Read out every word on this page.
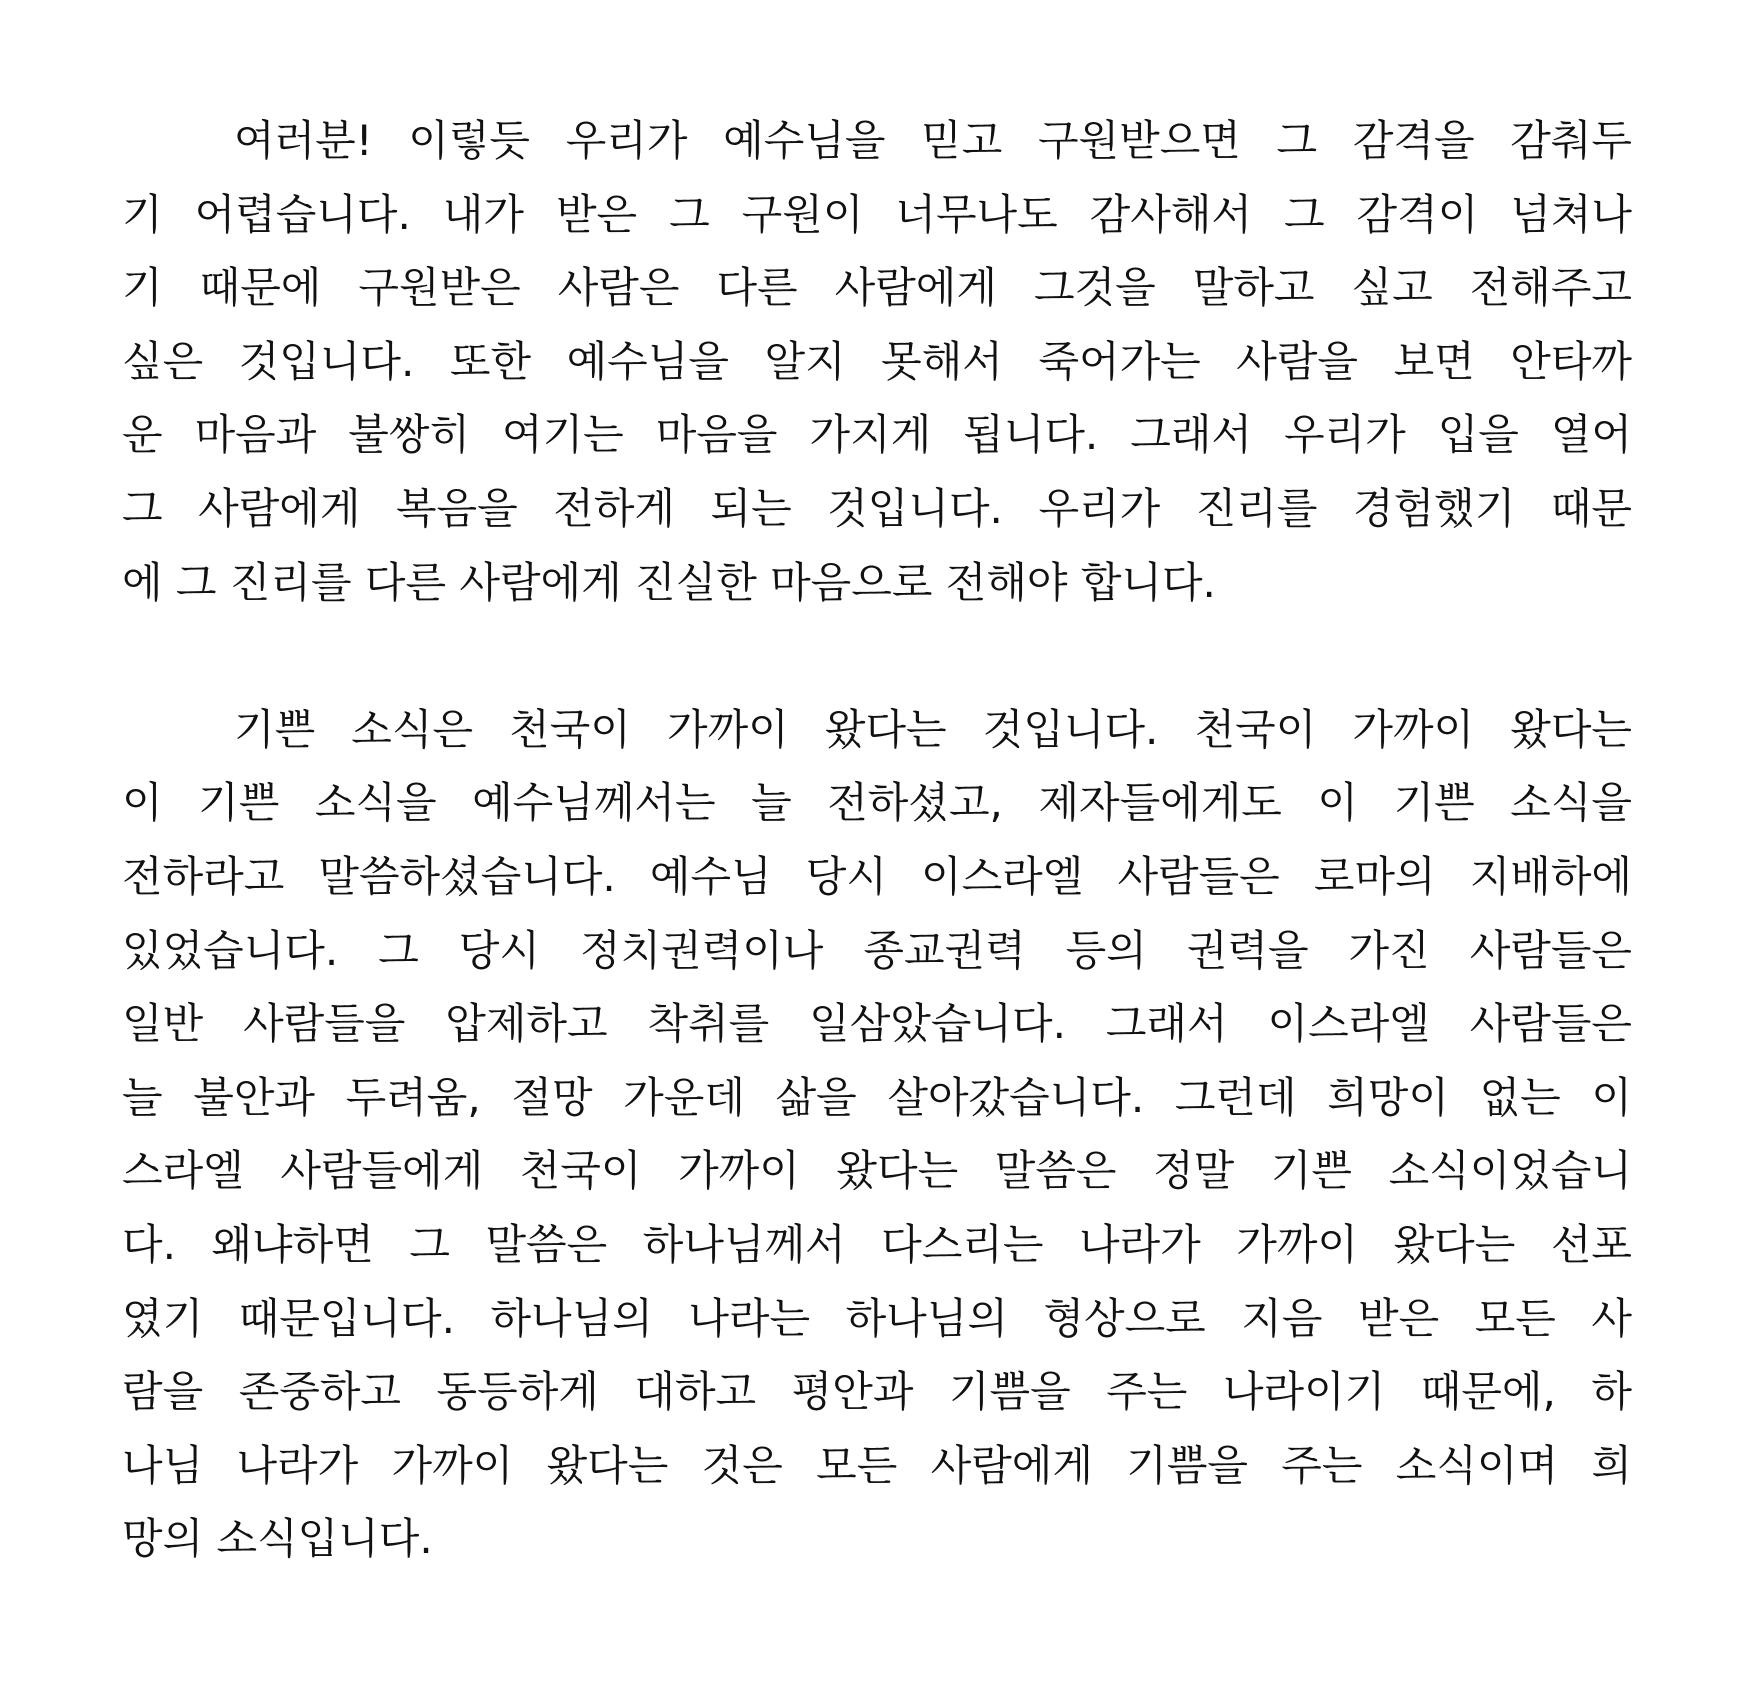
여러분! 이렇듯 우리가 예수님을 믿고 구원받으면 그 감격을 감춰두
기 어렵습니다. 내가 받은 그 구원이 너무나도 감사해서 그 감격이 넘쳐나
기 때문에 구원받은 사람은 다른 사람에게 그것을 말하고 싶고 전해주고
싶은 것입니다. 또한 예수님을 알지 못해서 죽어가는 사람을 보면 안타까
운 마음과 불쌍히 여기는 마음을 가지게 됩니다. 그래서 우리가 입을 열어
그 사람에게 복음을 전하게 되는 것입니다. 우리가 진리를 경험했기 때문
에 그 진리를 다른 사람에게 진실한 마음으로 전해야 합니다.
기쁜 소식은 천국이 가까이 왔다는 것입니다. 천국이 가까이 왔다는
이 기쁜 소식을 예수님께서는 늘 전하셨고, 제자들에게도 이 기쁜 소식을
전하라고 말씀하셨습니다. 예수님 당시 이스라엘 사람들은 로마의 지배하에
있었습니다. 그 당시 정치권력이나 종교권력 등의 권력을 가진 사람들은
일반 사람들을 압제하고 착취를 일삼았습니다. 그래서 이스라엘 사람들은
늘 불안과 두려움, 절망 가운데 삶을 살아갔습니다. 그런데 희망이 없는 이
스라엘 사람들에게 천국이 가까이 왔다는 말씀은 정말 기쁜 소식이었습니
다. 왜냐하면 그 말씀은 하나님께서 다스리는 나라가 가까이 왔다는 선포
였기 때문입니다. 하나님의 나라는 하나님의 형상으로 지음 받은 모든 사
람을 존중하고 동등하게 대하고 평안과 기쁨을 주는 나라이기 때문에, 하
나님 나라가 가까이 왔다는 것은 모든 사람에게 기쁨을 주는 소식이며 희
망의 소식입니다.
